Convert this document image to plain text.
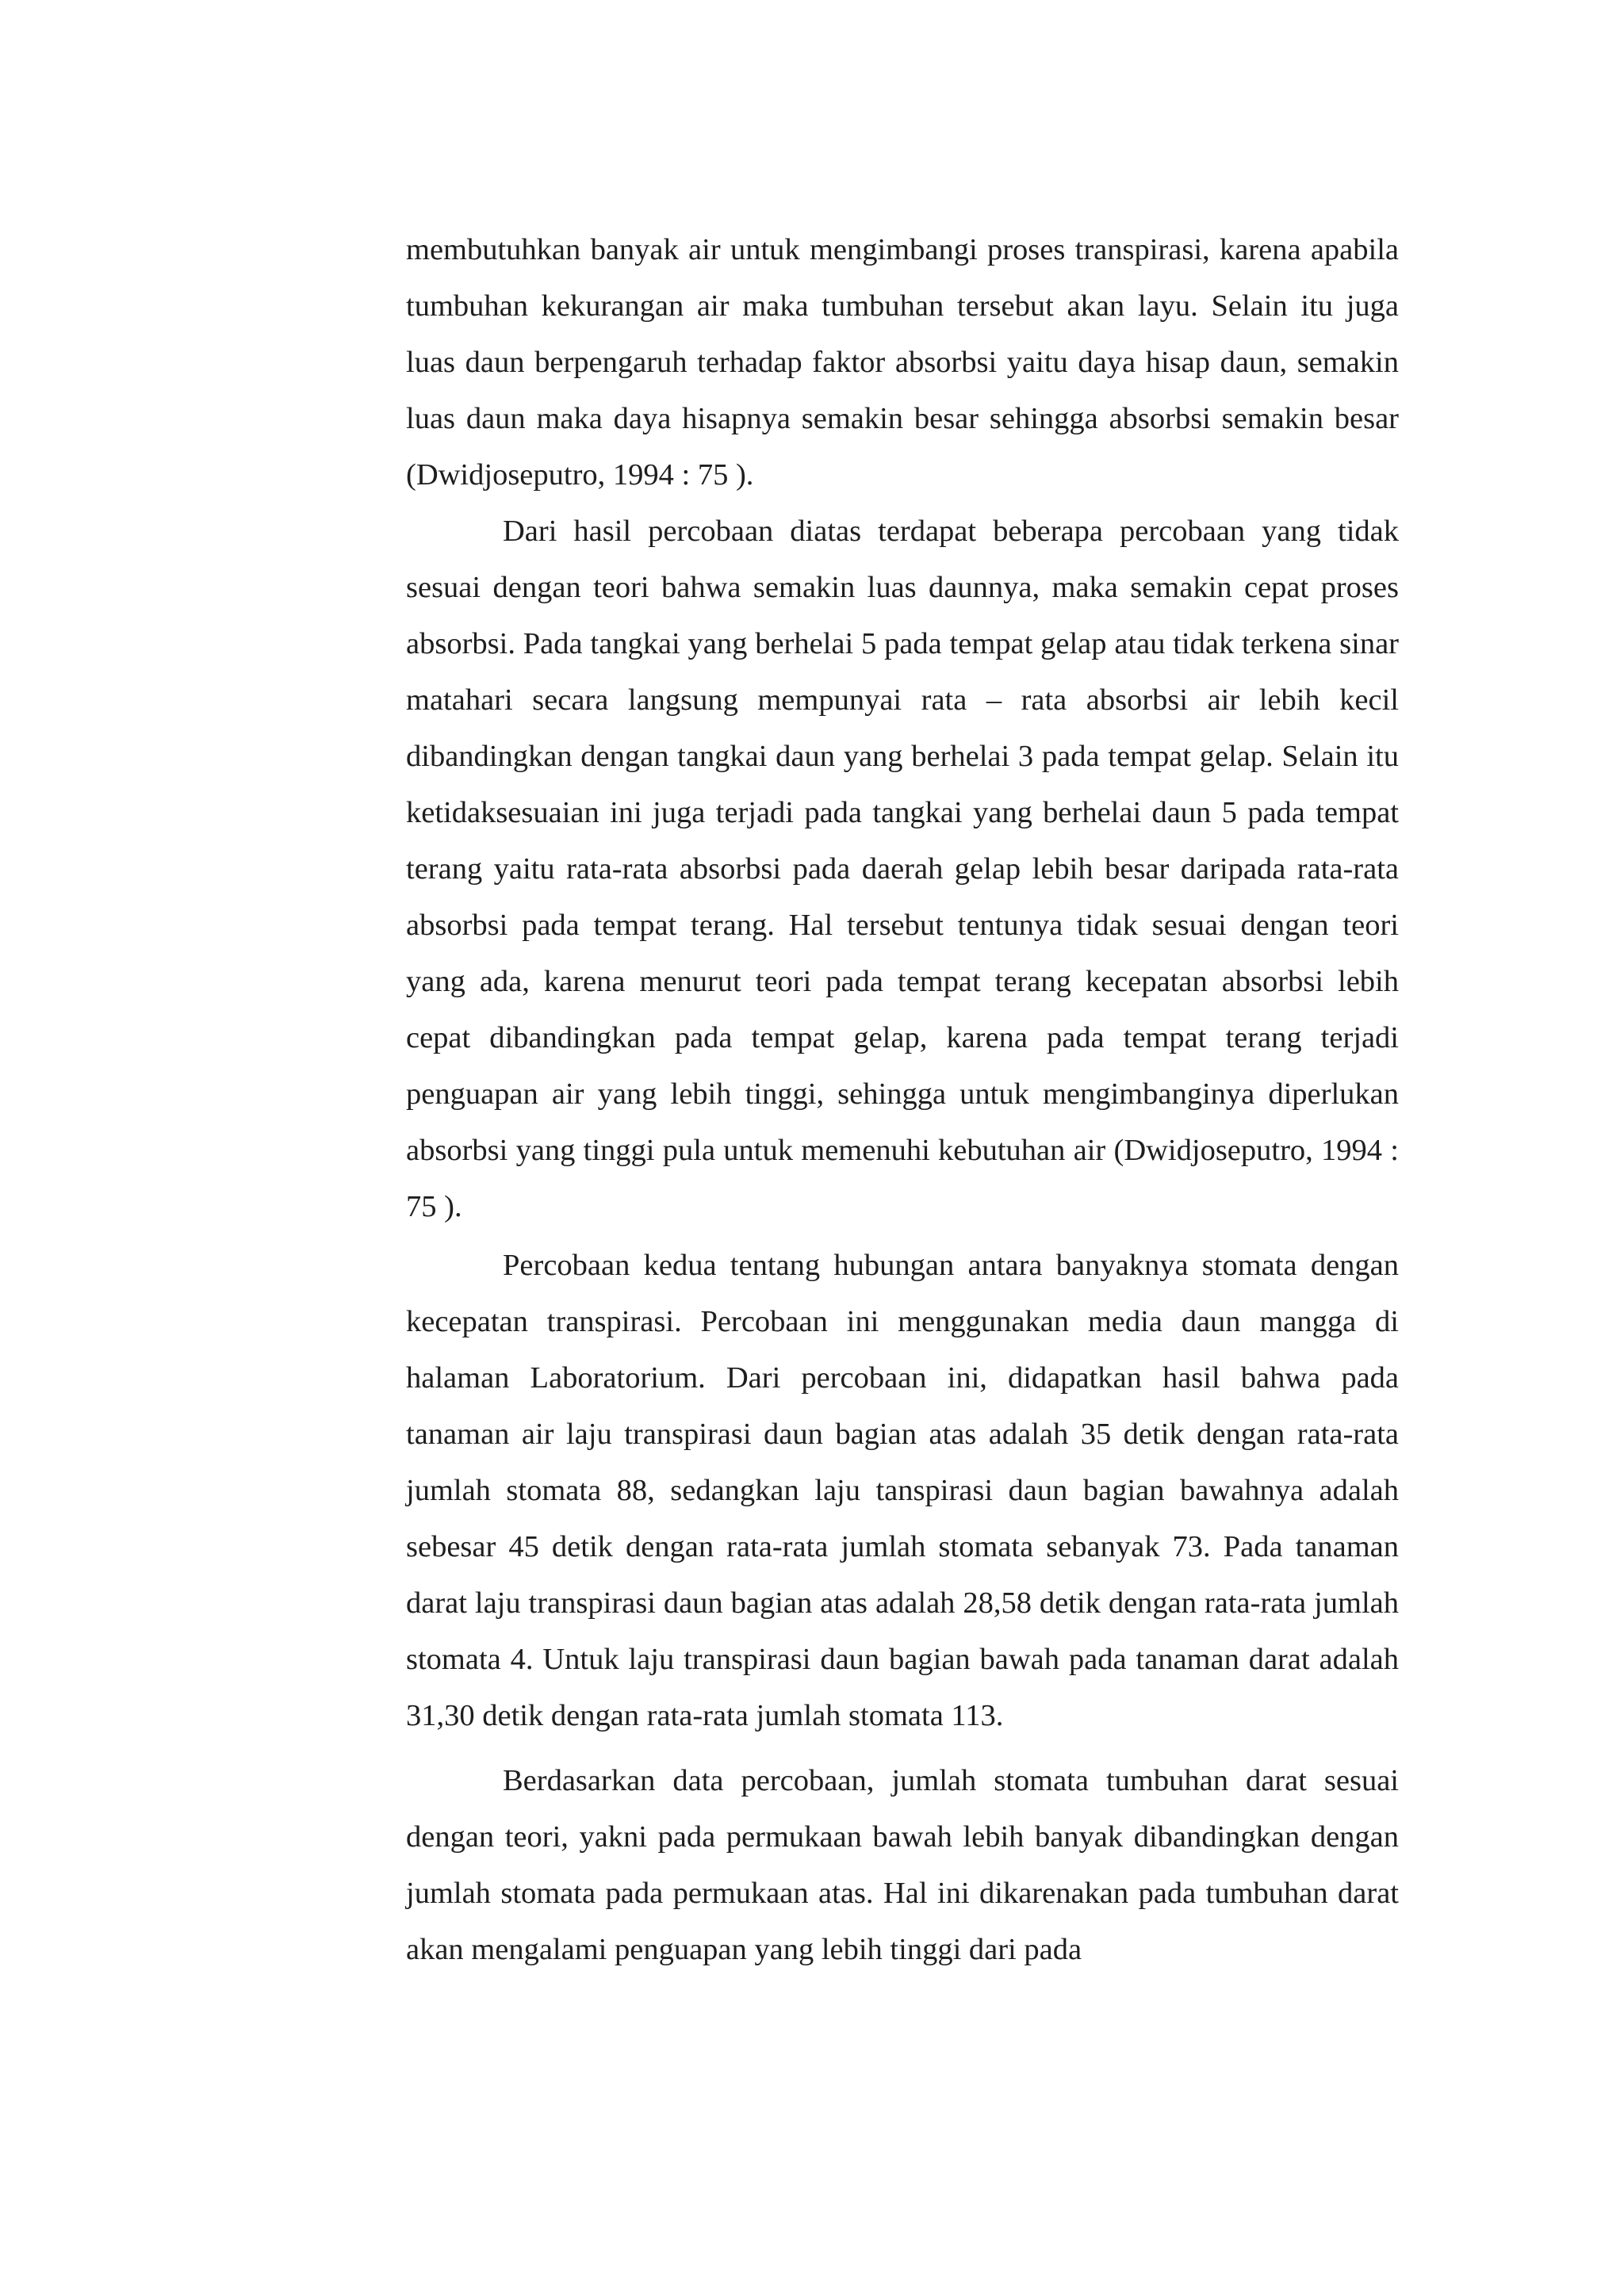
membutuhkan banyak air untuk mengimbangi proses transpirasi, karena apabila tumbuhan kekurangan air maka tumbuhan tersebut akan layu. Selain itu juga luas daun berpengaruh terhadap faktor absorbsi yaitu daya hisap daun, semakin luas daun maka daya hisapnya semakin besar sehingga absorbsi semakin besar (Dwidjoseputro, 1994 : 75 ).

Dari hasil percobaan diatas terdapat beberapa percobaan yang tidak sesuai dengan teori bahwa semakin luas daunnya, maka semakin cepat proses absorbsi. Pada tangkai yang berhelai 5 pada tempat gelap atau tidak terkena sinar matahari secara langsung mempunyai rata – rata absorbsi air lebih kecil dibandingkan dengan tangkai daun yang berhelai 3 pada tempat gelap. Selain itu ketidaksesuaian ini juga terjadi pada tangkai yang berhelai daun 5 pada tempat terang yaitu rata-rata absorbsi pada daerah gelap lebih besar daripada rata-rata absorbsi pada tempat terang. Hal tersebut tentunya tidak sesuai dengan teori yang ada, karena menurut teori pada tempat terang kecepatan absorbsi lebih cepat dibandingkan pada tempat gelap, karena pada tempat terang terjadi penguapan air yang lebih tinggi, sehingga untuk mengimbanginya diperlukan absorbsi yang tinggi pula untuk memenuhi kebutuhan air (Dwidjoseputro, 1994 : 75 ).

Percobaan kedua tentang hubungan antara banyaknya stomata dengan kecepatan transpirasi. Percobaan ini menggunakan media daun mangga di halaman Laboratorium. Dari percobaan ini, didapatkan hasil bahwa pada tanaman air laju transpirasi daun bagian atas adalah 35 detik dengan rata-rata jumlah stomata 88, sedangkan laju tanspirasi daun bagian bawahnya adalah sebesar 45 detik dengan rata-rata jumlah stomata sebanyak 73. Pada tanaman darat laju transpirasi daun bagian atas adalah 28,58 detik dengan rata-rata jumlah stomata 4. Untuk laju transpirasi daun bagian bawah pada tanaman darat adalah 31,30 detik dengan rata-rata jumlah stomata 113.

Berdasarkan data percobaan, jumlah stomata tumbuhan darat sesuai dengan teori, yakni pada permukaan bawah lebih banyak dibandingkan dengan jumlah stomata pada permukaan atas. Hal ini dikarenakan pada tumbuhan darat akan mengalami penguapan yang lebih tinggi dari pada
